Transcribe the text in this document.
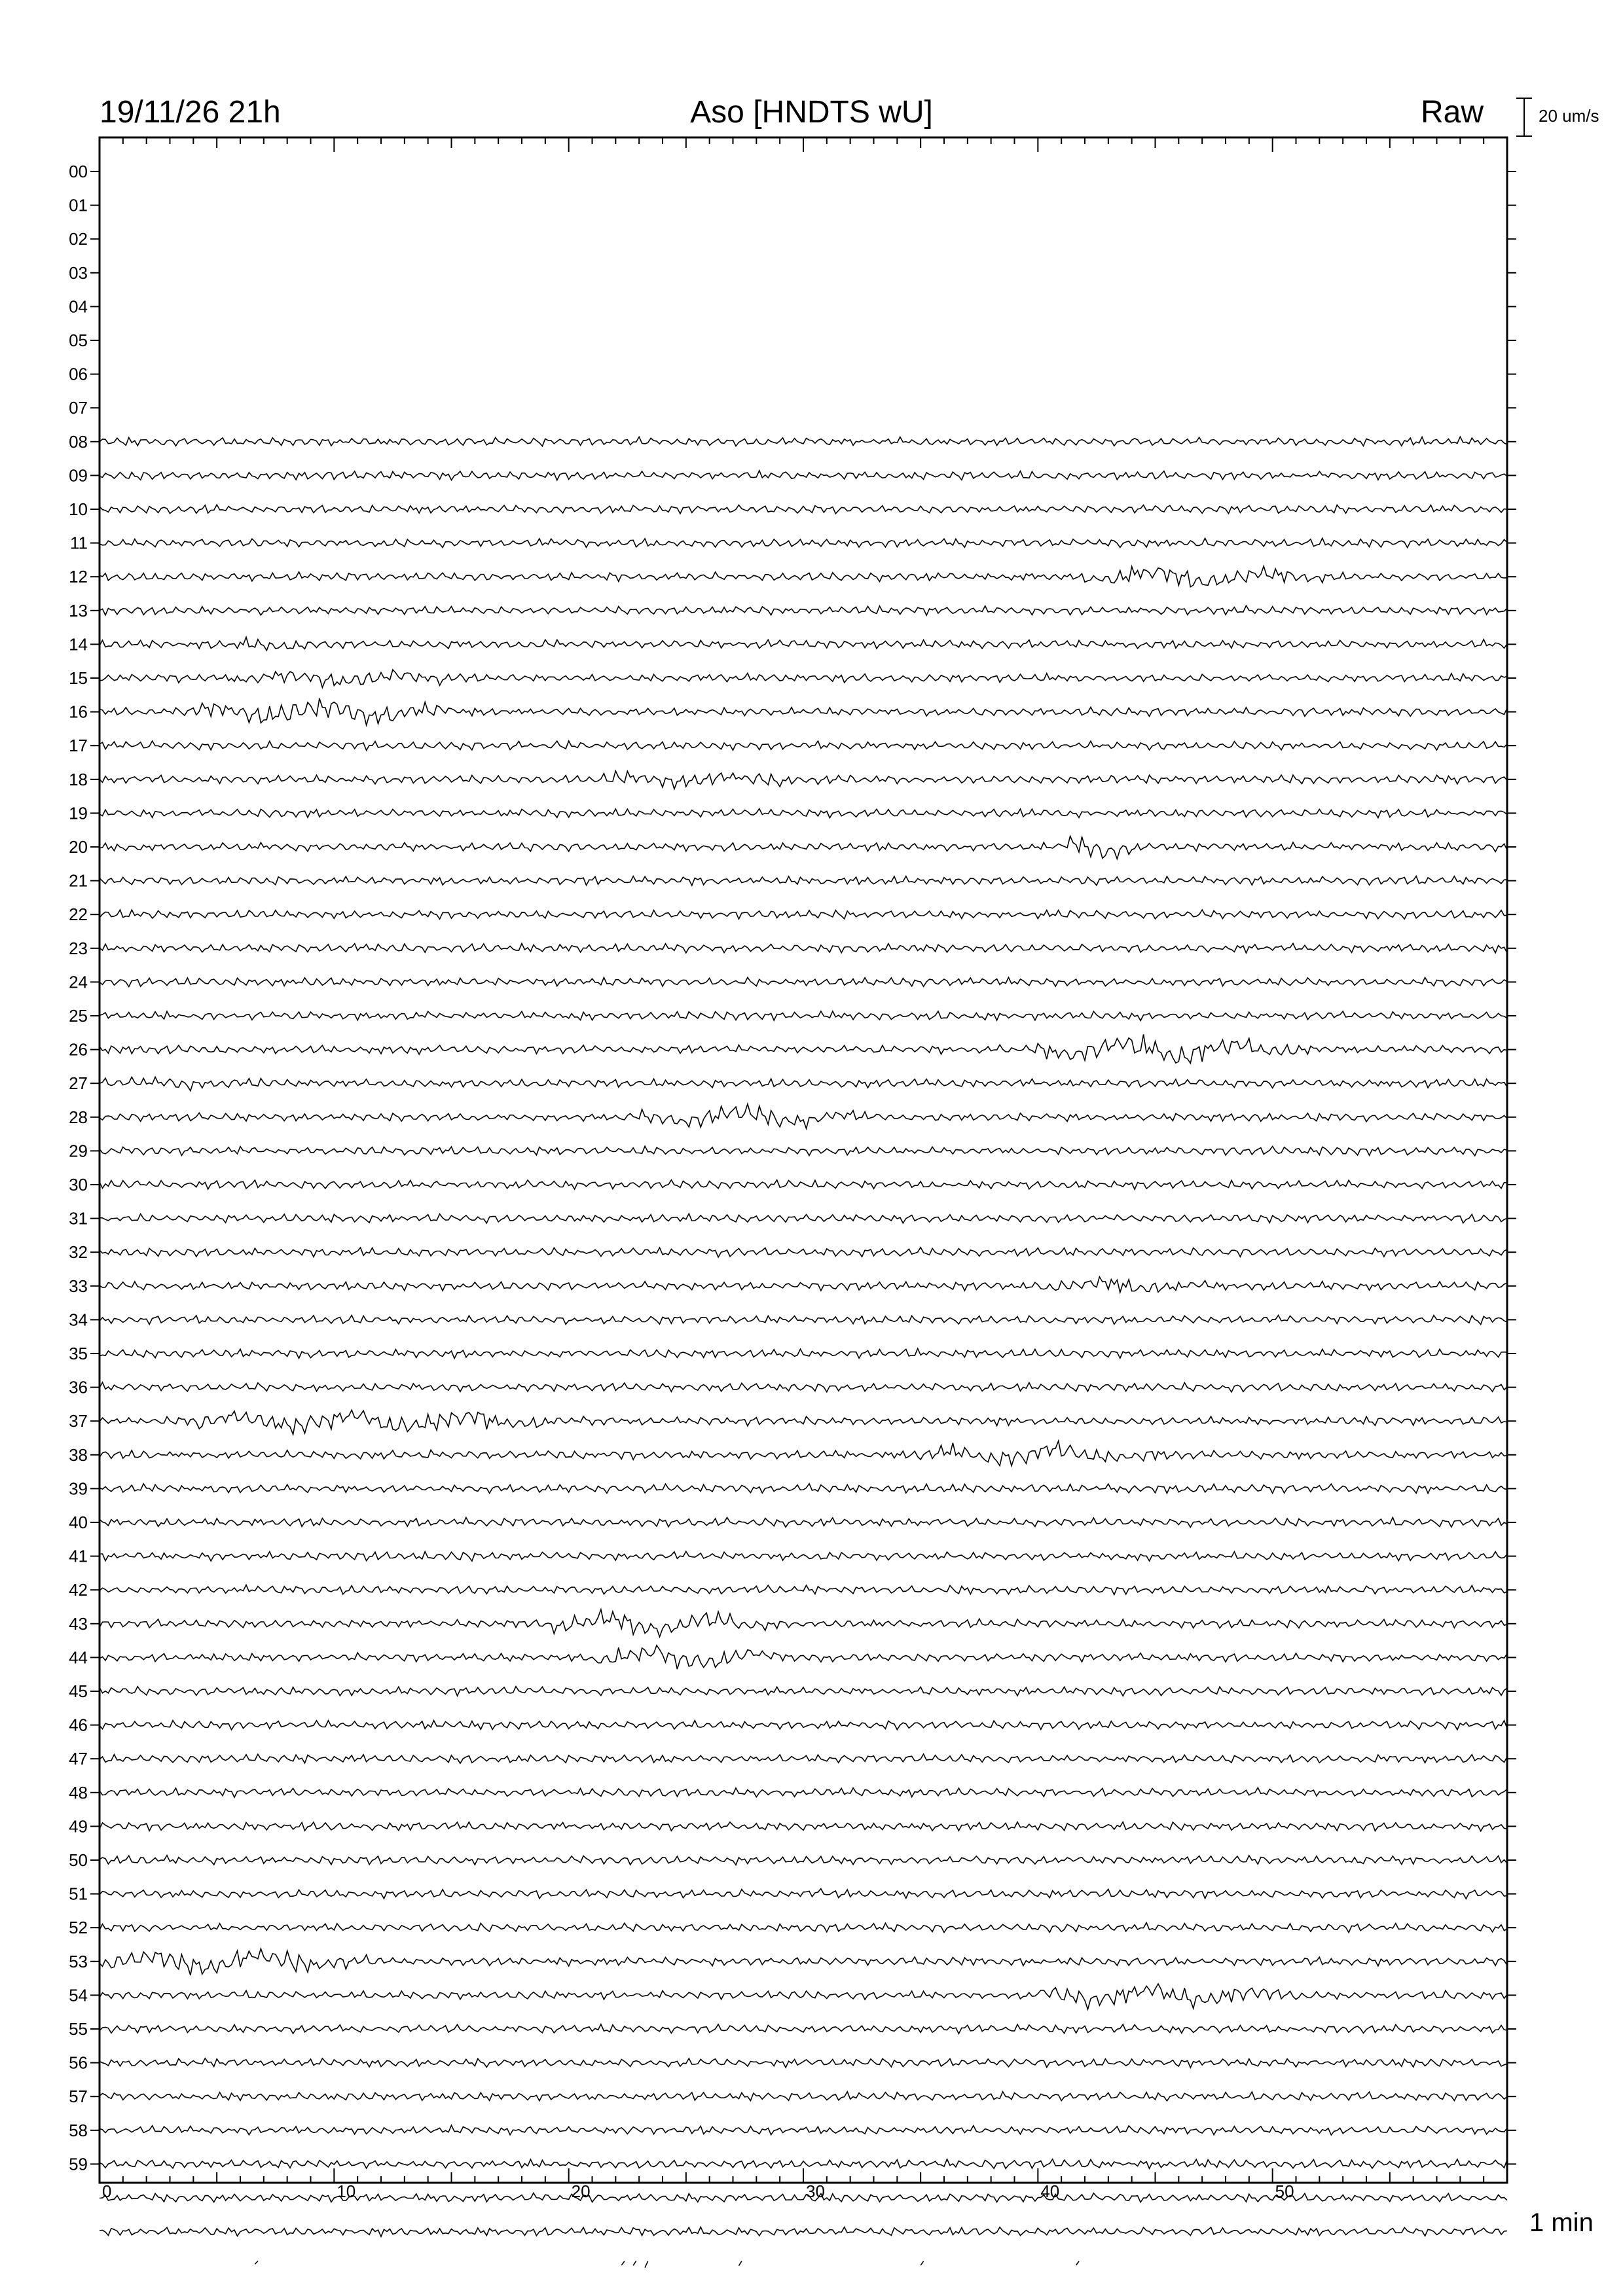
19/11/26 21h	Aso [HNDTS wU]	Raw	20 um/s
1 min
00
01
02
03
04
05
06
07
08
09
10
11
12
13
14
15
16
17
18
19
20
21
22
23
24
25
26
27
28
29
30
31
32
33
34
35
36
37
38
39
40
41
42
43
44
45
46
47
48
49
50
51
52
53
54
55
56
57
58
59
0	10	20	30	40	50
